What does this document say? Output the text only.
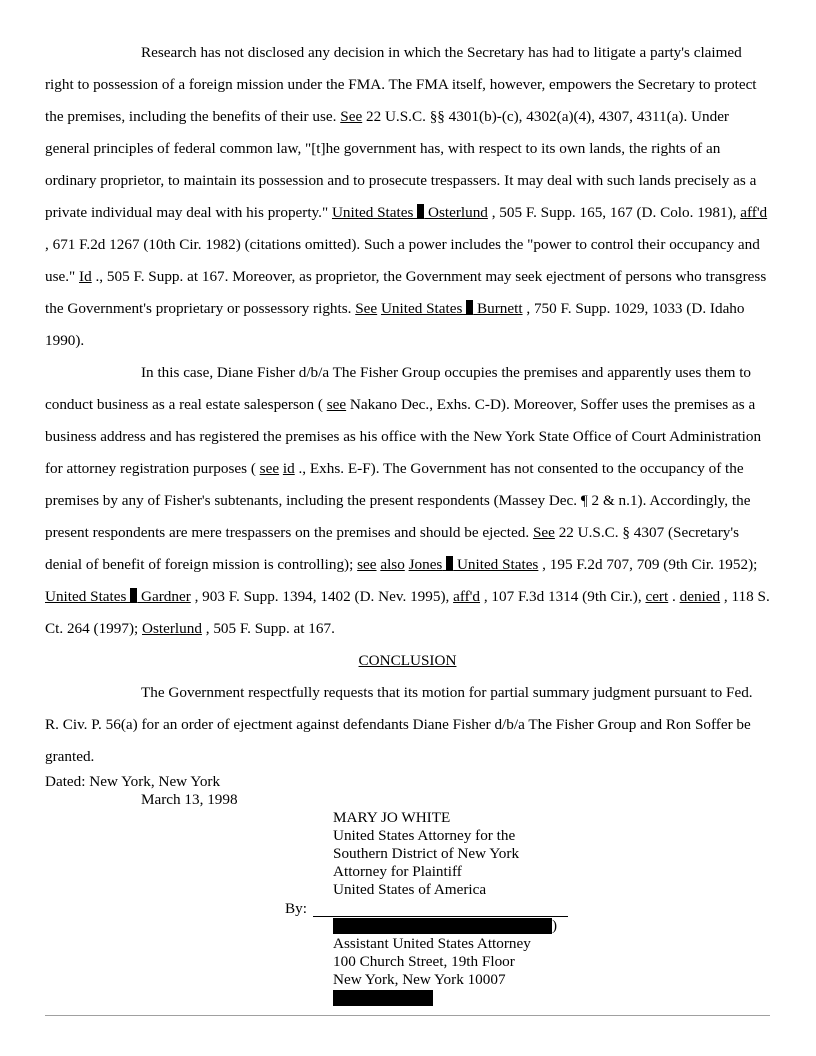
Research has not disclosed any decision in which the Secretary has had to litigate a party's claimed right to possession of a foreign mission under the FMA. The FMA itself, however, empowers the Secretary to protect the premises, including the benefits of their use. See 22 U.S.C. §§ 4301(b)-(c), 4302(a)(4), 4307, 4311(a). Under general principles of federal common law, "[t]he government has, with respect to its own lands, the rights of an ordinary proprietor, to maintain its possession and to prosecute trespassers. It may deal with such lands precisely as a private individual may deal with his property." United States  Osterlund , 505 F. Supp. 165, 167 (D. Colo. 1981), aff'd , 671 F.2d 1267 (10th Cir. 1982) (citations omitted). Such a power includes the "power to control their occupancy and use." Id ., 505 F. Supp. at 167. Moreover, as proprietor, the Government may seek ejectment of persons who transgress the Government's proprietary or possessory rights. See United States  Burnett , 750 F. Supp. 1029, 1033 (D. Idaho 1990).

In this case, Diane Fisher d/b/a The Fisher Group occupies the premises and apparently uses them to conduct business as a real estate salesperson ( see Nakano Dec., Exhs. C-D). Moreover, Soffer uses the premises as a business address and has registered the premises as his office with the New York State Office of Court Administration for attorney registration purposes ( see id ., Exhs. E-F). The Government has not consented to the occupancy of the premises by any of Fisher's subtenants, including the present respondents (Massey Dec. ¶ 2 & n.1). Accordingly, the present respondents are mere trespassers on the premises and should be ejected. See 22 U.S.C. § 4307 (Secretary's denial of benefit of foreign mission is controlling); see also Jones  United States , 195 F.2d 707, 709 (9th Cir. 1952); United States  Gardner , 903 F. Supp. 1394, 1402 (D. Nev. 1995), aff'd , 107 F.3d 1314 (9th Cir.), cert . denied , 118 S. Ct. 264 (1997); Osterlund , 505 F. Supp. at 167.

CONCLUSION

The Government respectfully requests that its motion for partial summary judgment pursuant to Fed. R. Civ. P. 56(a) for an order of ejectment against defendants Diane Fisher d/b/a The Fisher Group and Ron Soffer be granted.

Dated: New York, New York
March 13, 1998
MARY JO WHITE
United States Attorney for the
Southern District of New York
Attorney for Plaintiff
United States of America
By:
)
Assistant United States Attorney
100 Church Street, 19th Floor
New York, New York 10007
